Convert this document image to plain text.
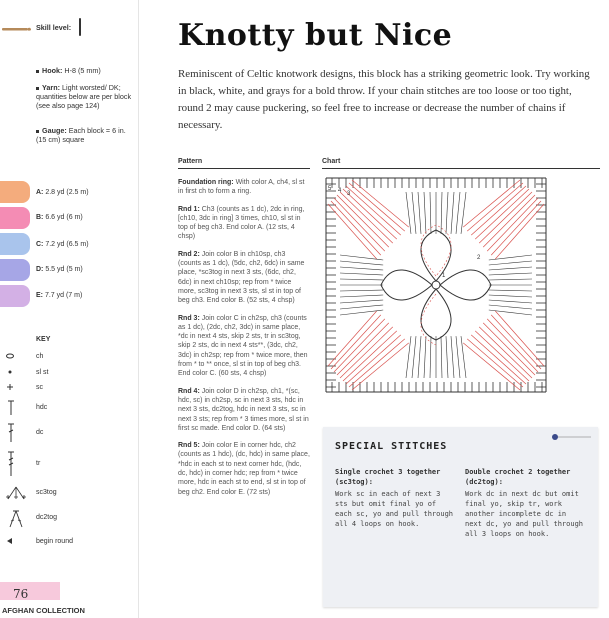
Skill level:
Hook: H-8 (5 mm)
Yarn: Light worsted/ DK; quantities below are per block (see also page 124)
Gauge: Each block = 6 in. (15 cm) square
A: 2.8 yd (2.5 m)
B: 6.6 yd (6 m)
C: 7.2 yd (6.5 m)
D: 5.5 yd (5 m)
E: 7.7 yd (7 m)
KEY
ch
sl st
sc
hdc
dc
tr
sc3tog
dc2tog
begin round
76
AFGHAN COLLECTION
Knotty but Nice

Reminiscent of Celtic knotwork designs, this block has a striking geometric look. Try working in black, white, and grays for a bold throw. If your chain stitches are too loose or too tight, round 2 may cause puckering, so feel free to increase or decrease the number of chains if necessary.

Pattern	Chart
Foundation ring: With color A, ch4, sl st in first ch to form a ring.
Rnd 1: Ch3 (counts as 1 dc), 2dc in ring, [ch10, 3dc in ring] 3 times, ch10, sl st in top of beg ch3. End color A. (12 sts, 4 chsp)
Rnd 2: Join color B in ch10sp, ch3 (counts as 1 dc), (5dc, ch2, 6dc) in same place, *sc3tog in next 3 sts, (6dc, ch2, 6dc) in next ch10sp; rep from * twice more, sc3tog in next 3 sts, sl st in top of beg ch3. End color B. (52 sts, 4 chsp)
Rnd 3: Join color C in ch2sp, ch3 (counts as 1 dc), (2dc, ch2, 3dc) in same place, *dc in next 4 sts, skip 2 sts, tr in sc3tog, skip 2 sts, dc in next 4 sts**, (3dc, ch2, 3dc) in ch2sp; rep from * twice more, then from * to ** once, sl st in top of beg ch3. End color C. (60 sts, 4 chsp)
Rnd 4: Join color D in ch2sp, ch1, *(sc, hdc, sc) in ch2sp, sc in next 3 sts, hdc in next 3 sts, dc2tog, hdc in next 3 sts, sc in next 3 sts; rep from * 3 times more, sl st in first sc made. End color D. (64 sts)
Rnd 5: Join color E in corner hdc, ch2 (counts as 1 hdc), (dc, hdc) in same place, *hdc in each st to next corner hdc, (hdc, dc, hdc) in corner hdc; rep from * twice more, hdc in each st to end, sl st in top of beg ch2. End color E. (72 sts)
1
2
3
4
5
SPECIAL STITCHES
Single crochet 3 together (sc3tog):
Work sc in each of next 3 sts but omit final yo of each sc, yo and pull through all 4 loops on hook.
Double crochet 2 together (dc2tog):
Work dc in next dc but omit final yo, skip tr, work another incomplete dc in next dc, yo and pull through all 3 loops on hook.
